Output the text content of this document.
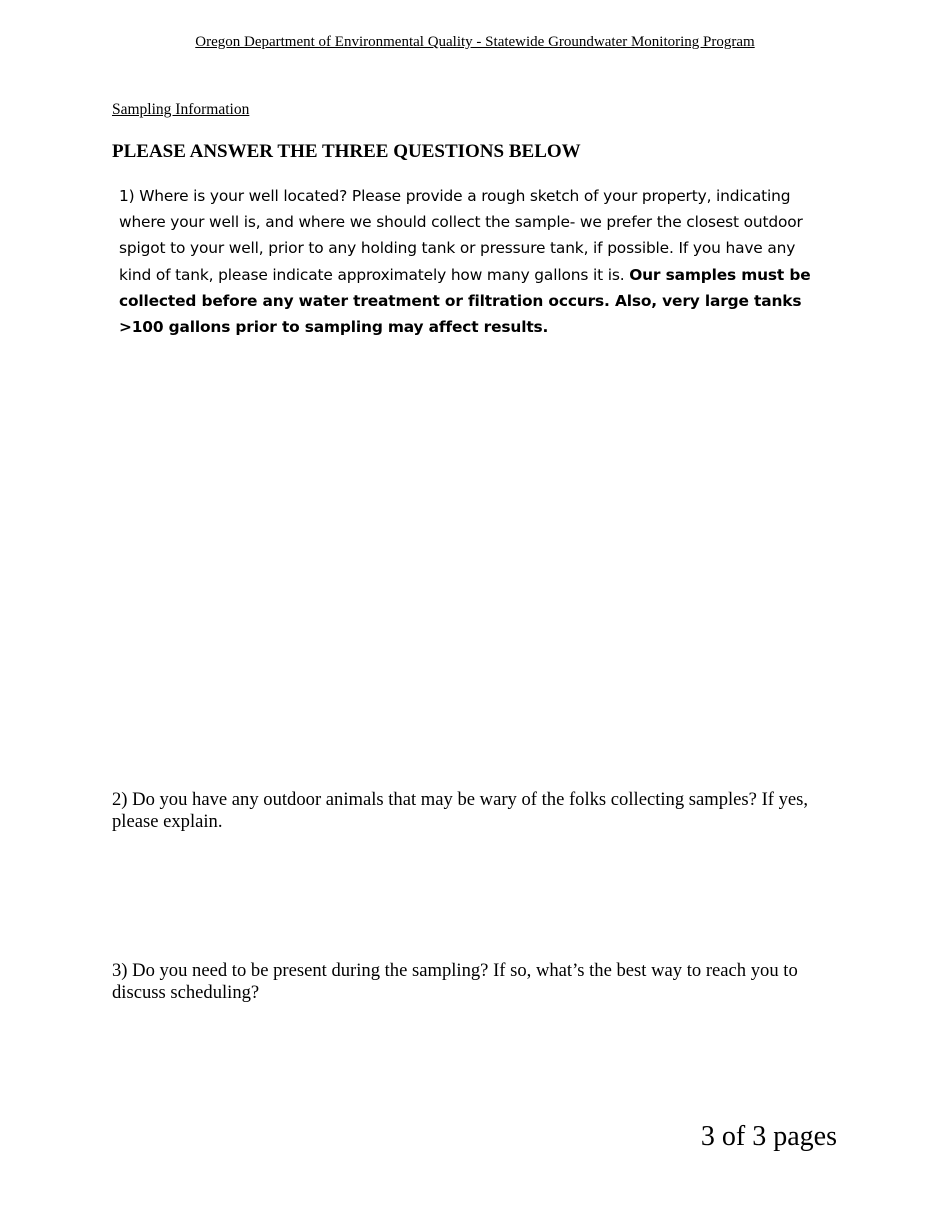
Oregon Department of Environmental Quality - Statewide Groundwater Monitoring Program
Sampling Information
PLEASE ANSWER THE THREE QUESTIONS BELOW
1) Where is your well located? Please provide a rough sketch of your property, indicating where your well is, and where we should collect the sample- we prefer the closest outdoor spigot to your well, prior to any holding tank or pressure tank, if possible. If you have any kind of tank, please indicate approximately how many gallons it is. Our samples must be collected before any water treatment or filtration occurs. Also, very large tanks >100 gallons prior to sampling may affect results.
2) Do you have any outdoor animals that may be wary of the folks collecting samples? If yes, please explain.
3) Do you need to be present during the sampling? If so, what’s the best way to reach you to discuss scheduling?
3 of 3 pages
